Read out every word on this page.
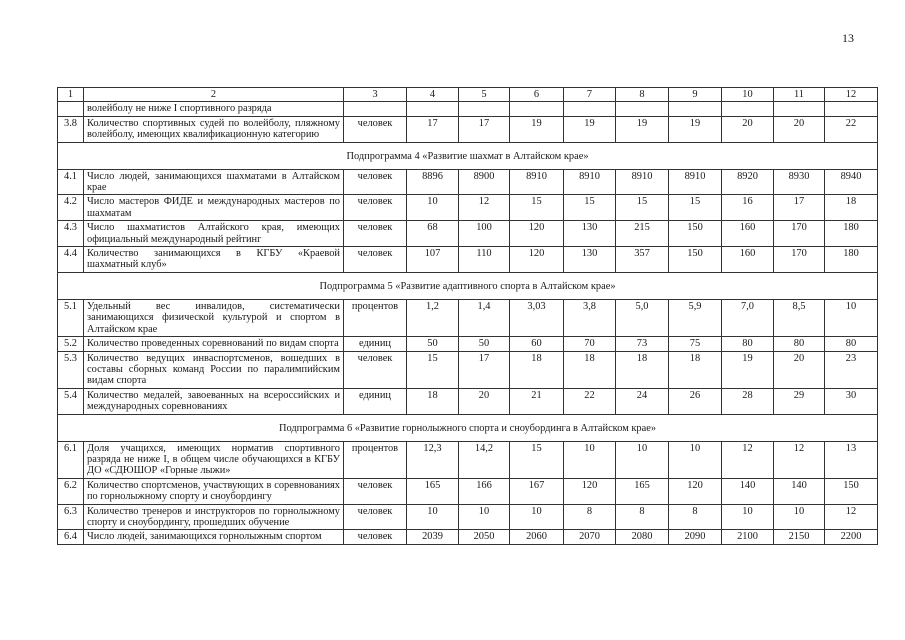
13
1	2	3	4	5	6	7	8	9	10	11	12
	волейболу не ниже I спортивного разряда										
3.8	Количество спортивных судей по волейболу, пляжному волейболу, имеющих квалификационную категорию	человек	17	17	19	19	19	19	20	20	22
Подпрограмма 4 «Развитие шахмат в Алтайском крае»											
4.1	Число людей, занимающихся шахматами в Алтайском крае	человек	8896	8900	8910	8910	8910	8910	8920	8930	8940
4.2	Число мастеров ФИДЕ и международных мастеров по шахматам	человек	10	12	15	15	15	15	16	17	18
4.3	Число шахматистов Алтайского края, имеющих официальный международный рейтинг	человек	68	100	120	130	215	150	160	170	180
4.4	Количество занимающихся в КГБУ «Краевой шахматный клуб»	человек	107	110	120	130	357	150	160	170	180
Подпрограмма 5 «Развитие адаптивного спорта в Алтайском крае»											
5.1	Удельный вес инвалидов, систематически занимающихся физической культурой и спортом в Алтайском крае	процентов	1,2	1,4	3,03	3,8	5,0	5,9	7,0	8,5	10
5.2	Количество проведенных соревнований по видам спорта	единиц	50	50	60	70	73	75	80	80	80
5.3	Количество ведущих инвaспортсменов, вошедших в составы сборных команд России по паралимпийским видам спорта	человек	15	17	18	18	18	18	19	20	23
5.4	Количество медалей, завоеванных на всероссийских и международных соревнованиях	единиц	18	20	21	22	24	26	28	29	30
Подпрограмма 6 «Развитие горнолыжного спорта и сноубординга в Алтайском крае»											
6.1	Доля учащихся, имеющих норматив спортивного разряда не ниже I, в общем числе обучающихся в КГБУ ДО «СДЮШОР «Горные лыжи»	процентов	12,3	14,2	15	10	10	10	12	12	13
6.2	Количество спортсменов, участвующих в соревнованиях по горнолыжному спорту и сноубордингу	человек	165	166	167	120	165	120	140	140	150
6.3	Количество тренеров и инструкторов по горнолыжному спорту и сноубордингу, прошедших обучение	человек	10	10	10	8	8	8	10	10	12
6.4	Число людей, занимающихся горнолыжным спортом	человек	2039	2050	2060	2070	2080	2090	2100	2150	2200
